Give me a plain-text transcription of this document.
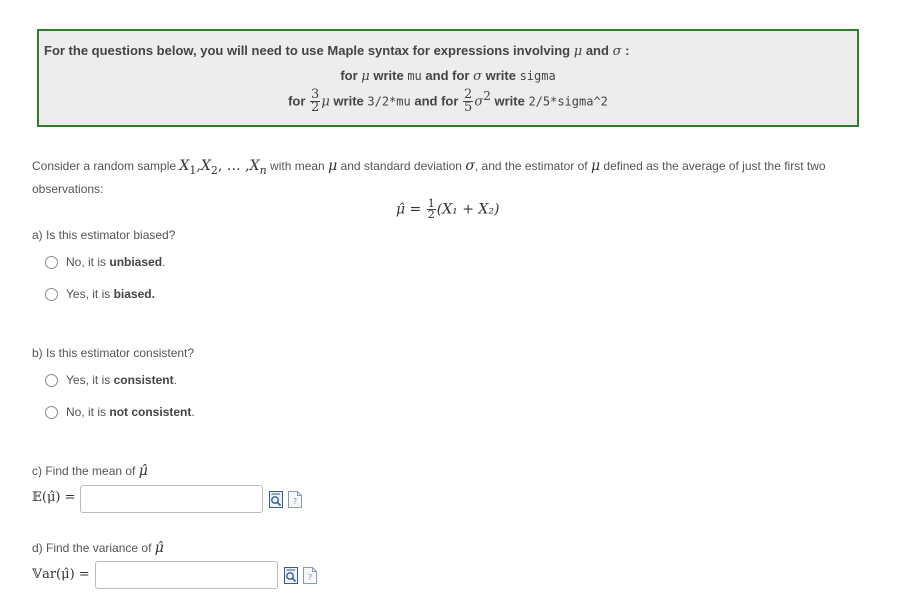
For the questions below, you will need to use Maple syntax for expressions involving μ and σ :
for μ write mu and for σ write sigma
for $\frac{3}{2}$ μ write 3/2*mu and for $\frac{2}{5} \sigma^2$ write 2/5*sigma^2
Consider a random sample $X_1,X_2$, … $,X_n$ with mean μ and standard deviation σ, and the estimator of μ defined as the average of just the first two observations:
μ̂ = $\frac{1}{2} (X_1 + X_2)$
a) Is this estimator biased?
No, it is
unbiased .
Yes, it is
biased.
b) Is this estimator consistent?
Yes, it is
consistent .
No, it is
not consistent .
c) Find the mean of μ̂
𝔼(μ̂) =	?
d) Find the variance of μ̂
𝕍ar(μ̂) =	?
